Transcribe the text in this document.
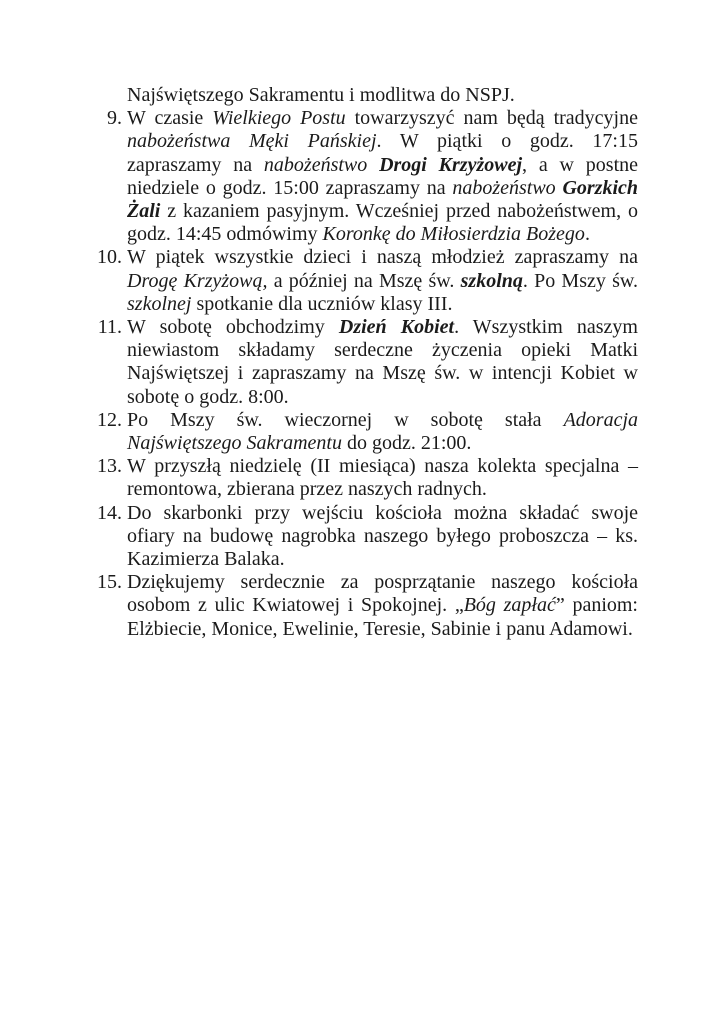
Najświętszego Sakramentu i modlitwa do NSPJ.
9. W czasie Wielkiego Postu towarzyszyć nam będą tradycyjne nabożeństwa Męki Pańskiej. W piątki o godz. 17:15 zapraszamy na nabożeństwo Drogi Krzyżowej, a w postne niedziele o godz. 15:00 zapraszamy na nabożeństwo Gorzkich Żali z kazaniem pasyjnym. Wcześniej przed nabożeństwem, o godz. 14:45 odmówimy Koronkę do Miłosierdzia Bożego.
10. W piątek wszystkie dzieci i naszą młodzież zapraszamy na Drogę Krzyżową, a później na Mszę św. szkolną. Po Mszy św. szkolnej spotkanie dla uczniów klasy III.
11. W sobotę obchodzimy Dzień Kobiet. Wszystkim naszym niewiastom składamy serdeczne życzenia opieki Matki Najświętszej i zapraszamy na Mszę św. w intencji Kobiet w sobotę o godz. 8:00.
12. Po Mszy św. wieczornej w sobotę stała Adoracja Najświętszego Sakramentu do godz. 21:00.
13. W przyszłą niedzielę (II miesiąca) nasza kolekta specjalna – remontowa, zbierana przez naszych radnych.
14. Do skarbonki przy wejściu kościoła można składać swoje ofiary na budowę nagrobka naszego byłego proboszcza – ks. Kazimierza Balaka.
15. Dziękujemy serdecznie za posprzątanie naszego kościoła osobom z ulic Kwiatowej i Spokojnej. „Bóg zapłać” paniom: Elżbiecie, Monice, Ewelinie, Teresie, Sabinie i panu Adamowi.
